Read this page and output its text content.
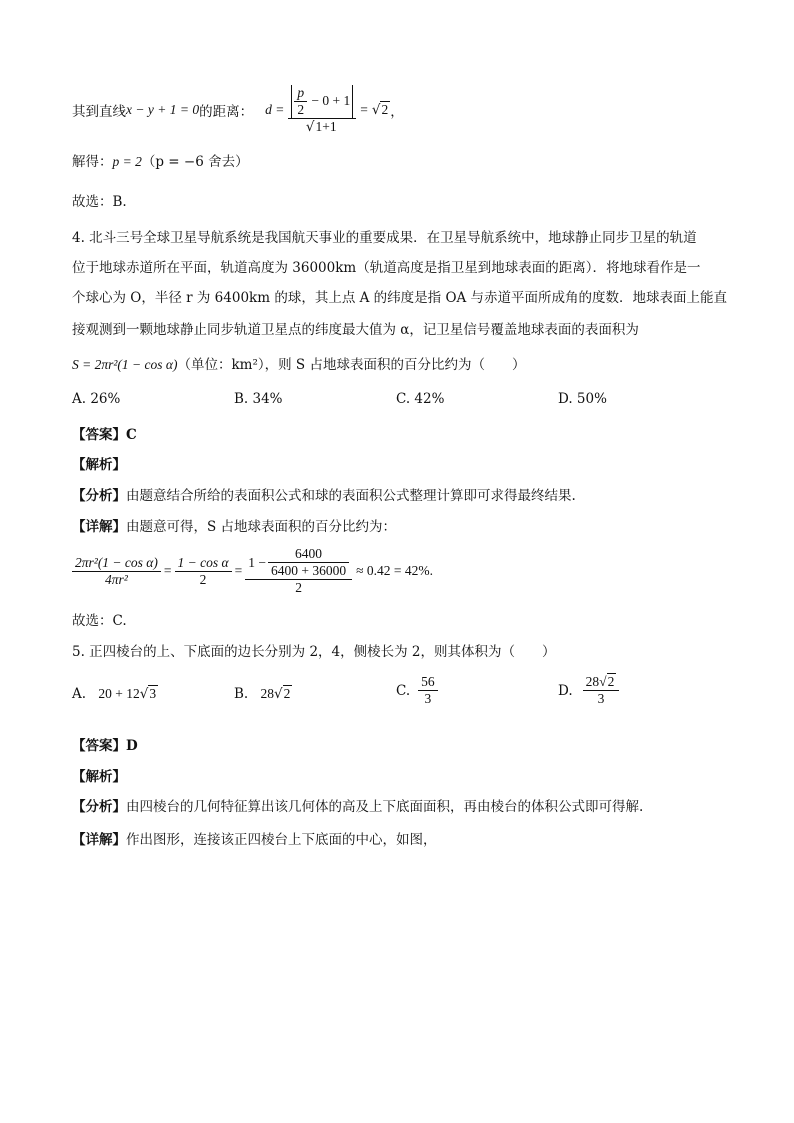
其到直线 x − y + 1 = 0 的距离： $d = \frac{\frac{p}{2} - 0 + 1}{√1+1} = √2$ ，
解得：p = 2（p = −6 舍去）
故选：B.
4. 北斗三号全球卫星导航系统是我国航天事业的重要成果．在卫星导航系统中，地球静止同步卫星的轨道
位于地球赤道所在平面，轨道高度为 36000km（轨道高度是指卫星到地球表面的距离）．将地球看作是一
个球心为 O，半径 r 为 6400km 的球，其上点 A 的纬度是指 OA 与赤道平面所成角的度数．地球表面上能直
接观测到一颗地球静止同步轨道卫星点的纬度最大值为 α，记卫星信号覆盖地球表面的表面积为
S = 2πr²(1 − cos α)（单位：km²），则 S 占地球表面积的百分比约为（　　）
A. 26%	B. 34%	C. 42%	D. 50%
【答案】C
【解析】
【分析】由题意结合所给的表面积公式和球的表面积公式整理计算即可求得最终结果.
【详解】由题意可得，S 占地球表面积的百分比约为：
$\frac{\text{2πr²(1 − cos α)}}{\text{4πr²}} = \frac{\text{1 − cos α}}{2} = \frac{1 - \frac{6400}{6400 + 36000}}{2} \approx 0.42 = 42\%$ .
故选：C.
5. 正四棱台的上、下底面的边长分别为 2，4，侧棱长为 2，则其体积为（　　）
A. 20 + 12√3	B. 28√2	C. $\frac{56}{3}$	D. $\frac{28√2}{3}$
【答案】D
【解析】
【分析】由四棱台的几何特征算出该几何体的高及上下底面面积，再由棱台的体积公式即可得解.
【详解】作出图形，连接该正四棱台上下底面的中心，如图，
